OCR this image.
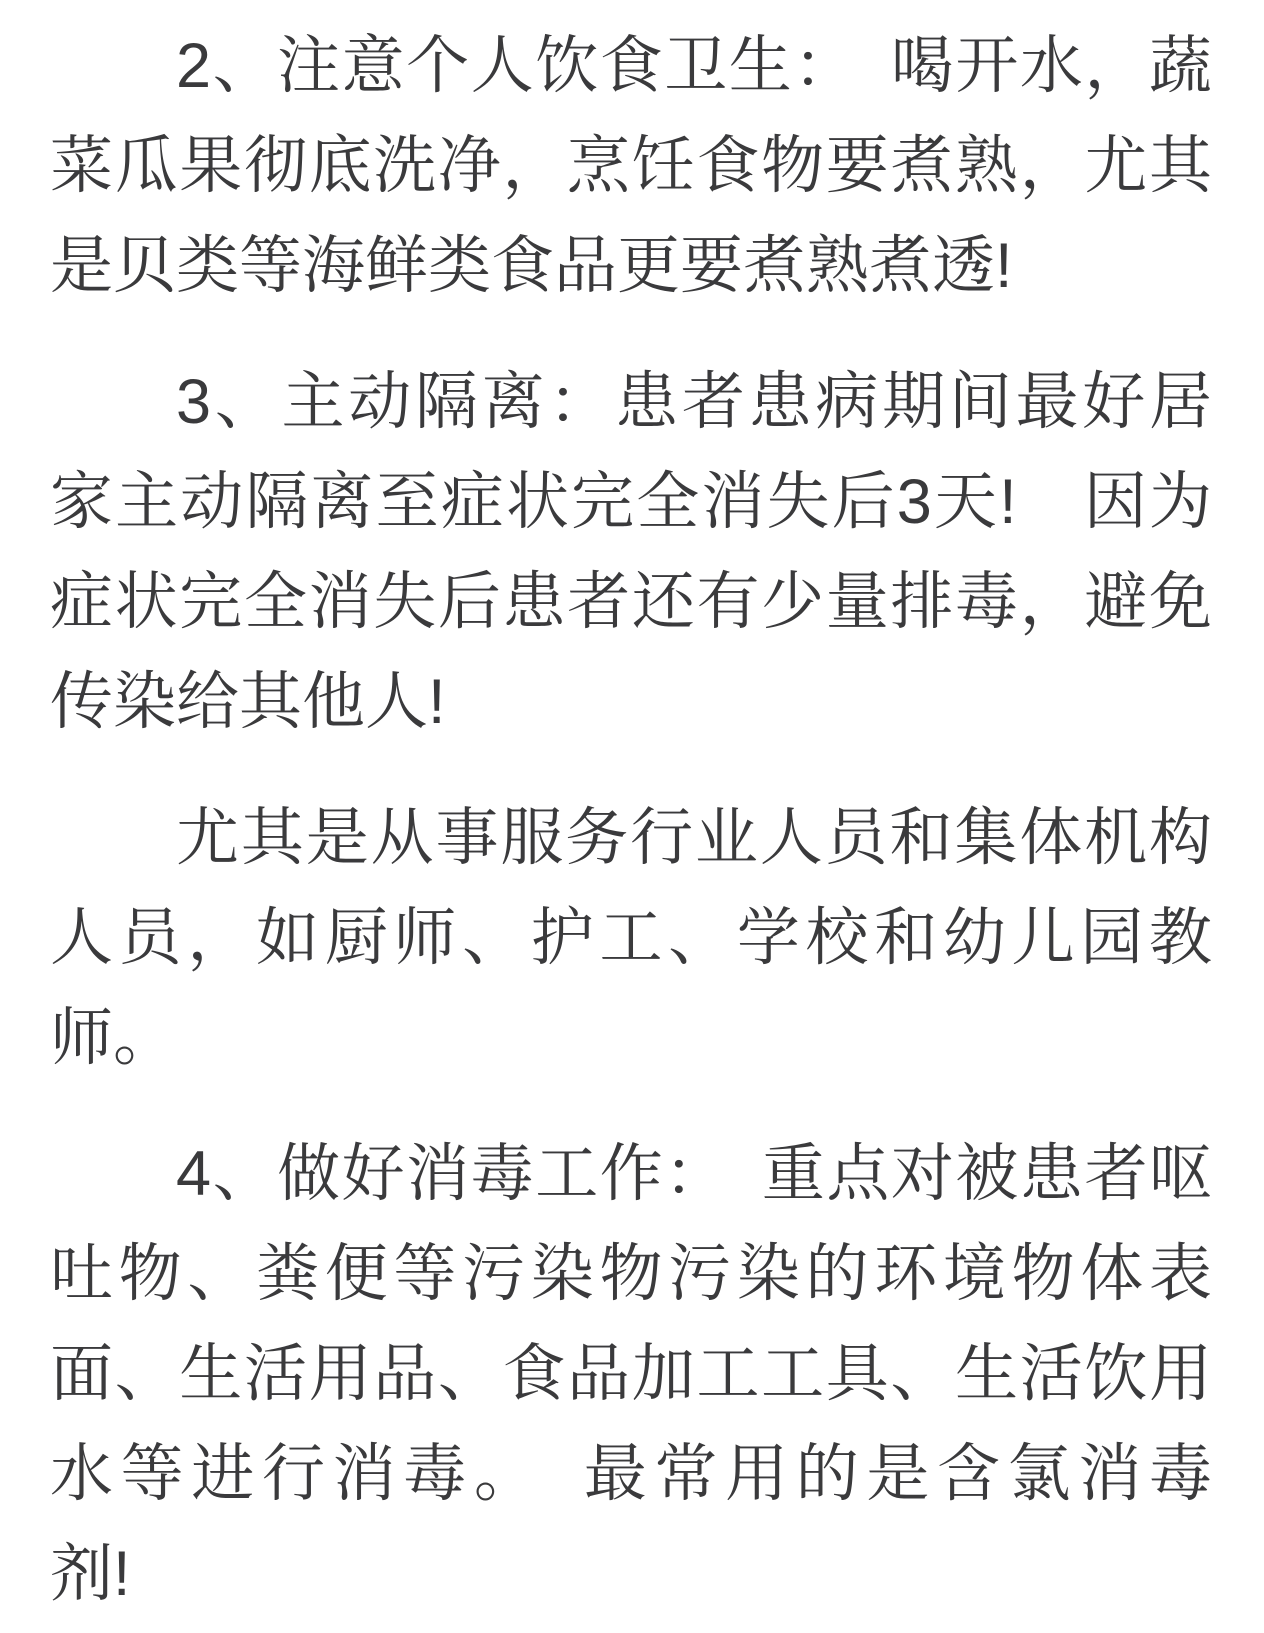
2、注意个人饮食卫生：　喝开水，蔬
菜瓜果彻底洗净，烹饪食物要煮熟，尤其
是贝类等海鲜类食品更要煮熟煮透!
3、主动隔离：患者患病期间最好居
家主动隔离至症状完全消失后3天!　因为
症状完全消失后患者还有少量排毒，避免
传染给其他人!
尤其是从事服务行业人员和集体机构
人员，如厨师、护工、学校和幼儿园教
师。
4、做好消毒工作：　重点对被患者呕
吐物、粪便等污染物污染的环境物体表
面、生活用品、食品加工工具、生活饮用
水等进行消毒。　最常用的是含氯消毒
剂!
